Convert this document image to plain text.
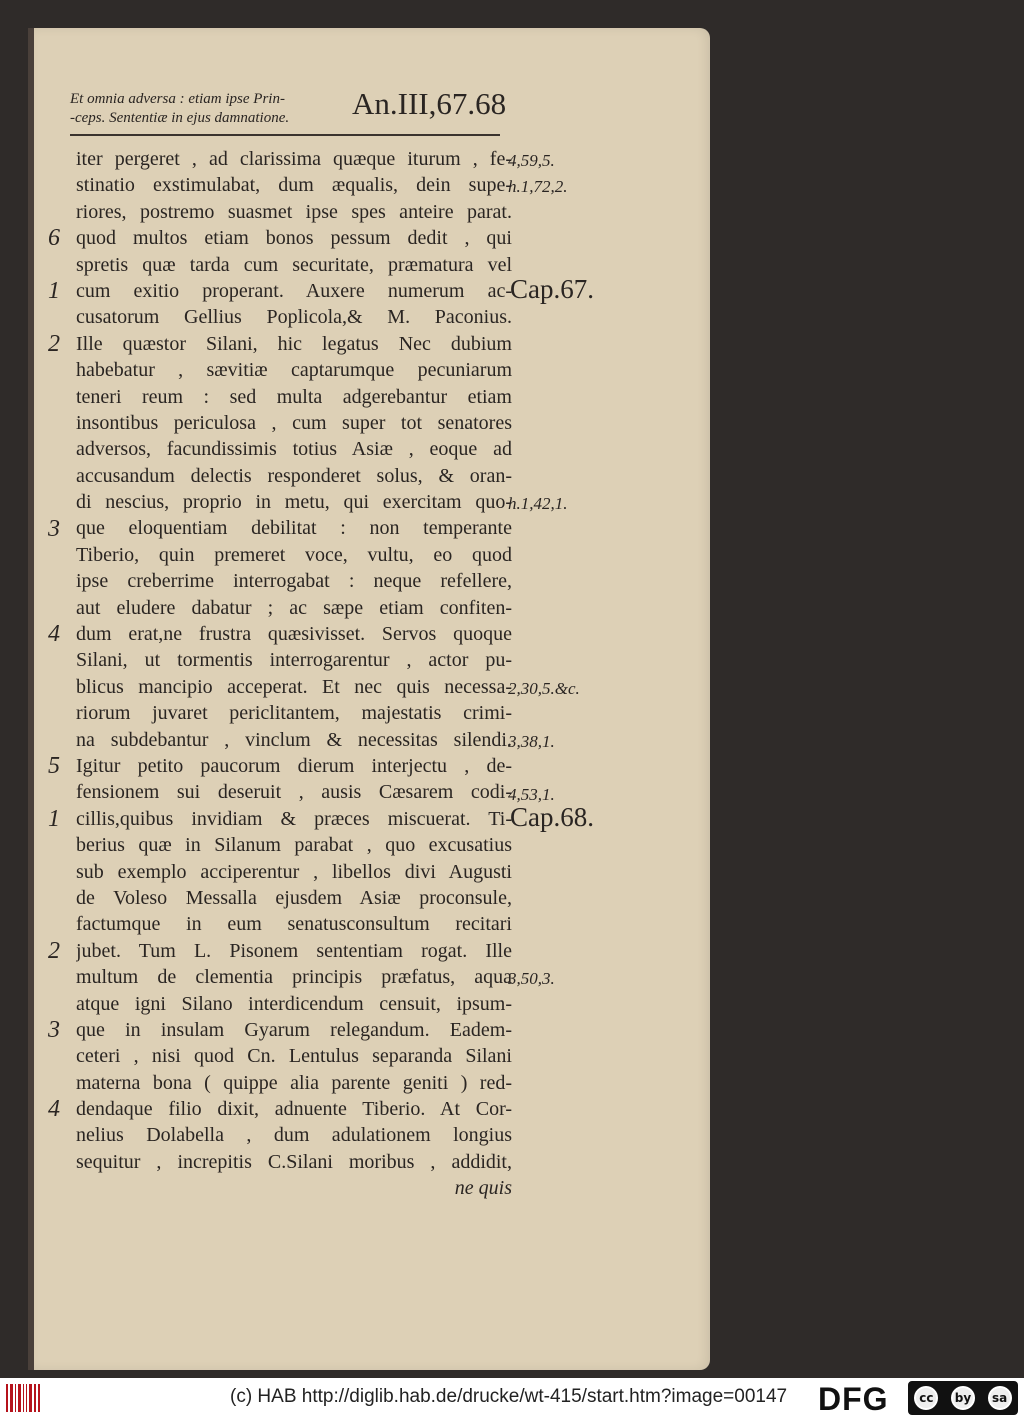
Et omnia adversa : etiam ipse Prin-
-ceps. Sententiæ in ejus damnatione.	An.III,67.68
iter pergeret , ad clarissima quæque iturum , fe-
stinatio exstimulabat, dum æqualis, dein supe-
riores, postremo suasmet ipse spes anteire parat.
quod multos etiam bonos pessum dedit , qui
spretis quæ tarda cum securitate, præmatura vel
cum exitio properant. Auxere numerum ac-
cusatorum Gellius Poplicola,& M. Paconius.
Ille quæstor Silani, hic legatus Nec dubium
habebatur , sævitiæ captarumque pecuniarum
teneri reum : sed multa adgerebantur etiam
insontibus periculosa , cum super tot senatores
adversos, facundissimis totius Asiæ , eoque ad
accusandum delectis responderet solus, & oran-
di nescius, proprio in metu, qui exercitam quo-
que eloquentiam debilitat : non temperante
Tiberio, quin premeret voce, vultu, eo quod
ipse creberrime interrogabat : neque refellere,
aut eludere dabatur ; ac sæpe etiam confiten-
dum erat,ne frustra quæsivisset. Servos quoque
Silani, ut tormentis interrogarentur , actor pu-
blicus mancipio acceperat. Et nec quis necessa-
riorum juvaret periclitantem, majestatis crimi-
na subdebantur , vinclum & necessitas silendi.
Igitur petito paucorum dierum interjectu , de-
fensionem sui deseruit , ausis Cæsarem codi-
cillis,quibus invidiam & præces miscuerat. Ti-
berius quæ in Silanum parabat , quo excusatius
sub exemplo acciperentur , libellos divi Augusti
de Voleso Messalla ejusdem Asiæ proconsule,
factumque in eum senatusconsultum recitari
jubet. Tum L. Pisonem sententiam rogat. Ille
multum de clementia principis præfatus, aqua
atque igni Silano interdicendum censuit, ipsum-
que in insulam Gyarum relegandum. Eadem-
ceteri , nisi quod Cn. Lentulus separanda Silani
materna bona ( quippe alia parente geniti ) red-
dendaque filio dixit, adnuente Tiberio. At Cor-
nelius Dolabella , dum adulationem longius
sequitur , increpitis C.Silani moribus , addidit,
ne quis
6
1
2
3
4
5
1
2
3
4
4,59,5.
h.1,72,2.
Cap.67.
h.1,42,1.
2,30,5.&c.
3,38,1.
4,53,1.
Cap.68.
3,50,3.
(c) HAB http://diglib.hab.de/drucke/wt-415/start.htm?image=00147 DFG	cc	by	sa
